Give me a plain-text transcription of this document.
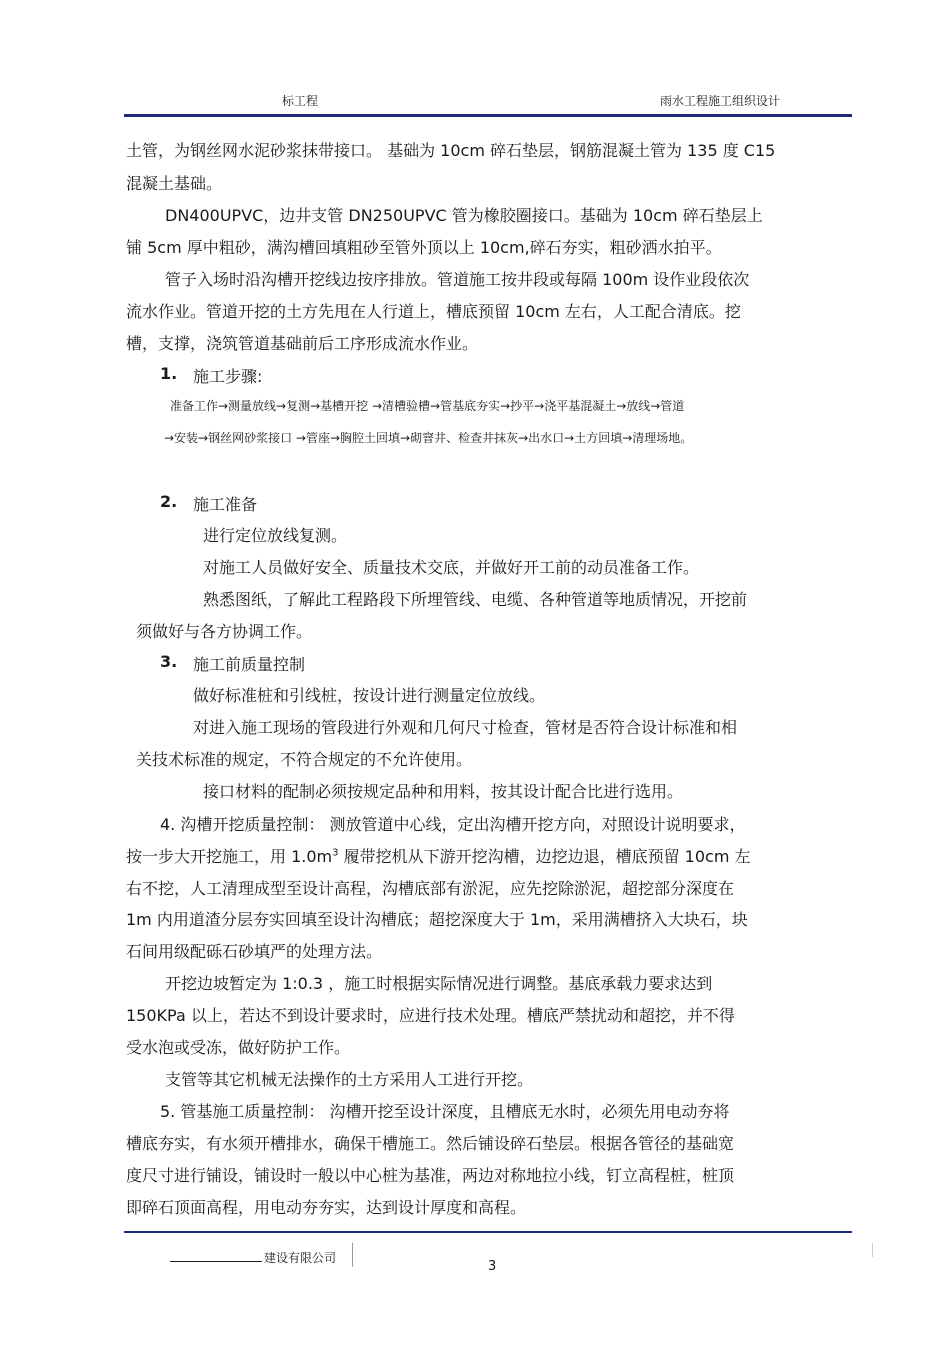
标工程	雨水工程施工组织设计
土管，为钢丝网水泥砂浆抹带接口。 基础为 10cm 碎石垫层，钢筋混凝土管为 135 度 C15
混凝土基础。
DN400UPVC，边井支管 DN250UPVC 管为橡胶圈接口。基础为 10cm 碎石垫层上
铺 5cm 厚中粗砂，满沟槽回填粗砂至管外顶以上 10cm,碎石夯实，粗砂洒水拍平。
管子入场时沿沟槽开挖线边按序排放。管道施工按井段或每隔 100m 设作业段依次
流水作业。管道开挖的土方先甩在人行道上，槽底预留 10cm 左右，人工配合清底。挖
槽，支撑，浇筑管道基础前后工序形成流水作业。
1. 施工步骤:
准备工作→测量放线→复测→基槽开挖 →清槽验槽→管基底夯实→抄平→浇平基混凝土→放线→管道
→安装→钢丝网砂浆接口 →管座→胸腔土回填→砌窨井、检查井抹灰→出水口→土方回填→清理场地。
2. 施工准备
进行定位放线复测。
对施工人员做好安全、质量技术交底，并做好开工前的动员准备工作。
熟悉图纸，了解此工程路段下所埋管线、电缆、各种管道等地质情况，开挖前
须做好与各方协调工作。
3. 施工前质量控制
做好标准桩和引线桩，按设计进行测量定位放线。
对进入施工现场的管段进行外观和几何尺寸检查，管材是否符合设计标准和相
关技术标准的规定，不符合规定的不允许使用。
接口材料的配制必须按规定品种和用料，按其设计配合比进行选用。
4. 沟槽开挖质量控制： 测放管道中心线，定出沟槽开挖方向，对照设计说明要求，
按一步大开挖施工，用 $1.0m^3$ 履带挖机从下游开挖沟槽，边挖边退，槽底预留 10cm 左
右不挖，人工清理成型至设计高程，沟槽底部有淤泥，应先挖除淤泥，超挖部分深度在
1m 内用道渣分层夯实回填至设计沟槽底；超挖深度大于 1m，采用满槽挤入大块石，块
石间用级配砾石砂填严的处理方法。
开挖边坡暂定为 1:0.3 ，施工时根据实际情况进行调整。基底承载力要求达到
150KPa 以上，若达不到设计要求时，应进行技术处理。槽底严禁扰动和超挖，并不得
受水泡或受冻，做好防护工作。
支管等其它机械无法操作的土方采用人工进行开挖。
5. 管基施工质量控制： 沟槽开挖至设计深度，且槽底无水时，必须先用电动夯将
槽底夯实，有水须开槽排水，确保干槽施工。然后铺设碎石垫层。根据各管径的基础宽
度尺寸进行铺设，铺设时一般以中心桩为基准，两边对称地拉小线，钉立高程桩，桩顶
即碎石顶面高程，用电动夯夯实，达到设计厚度和高程。
建设有限公司
3
